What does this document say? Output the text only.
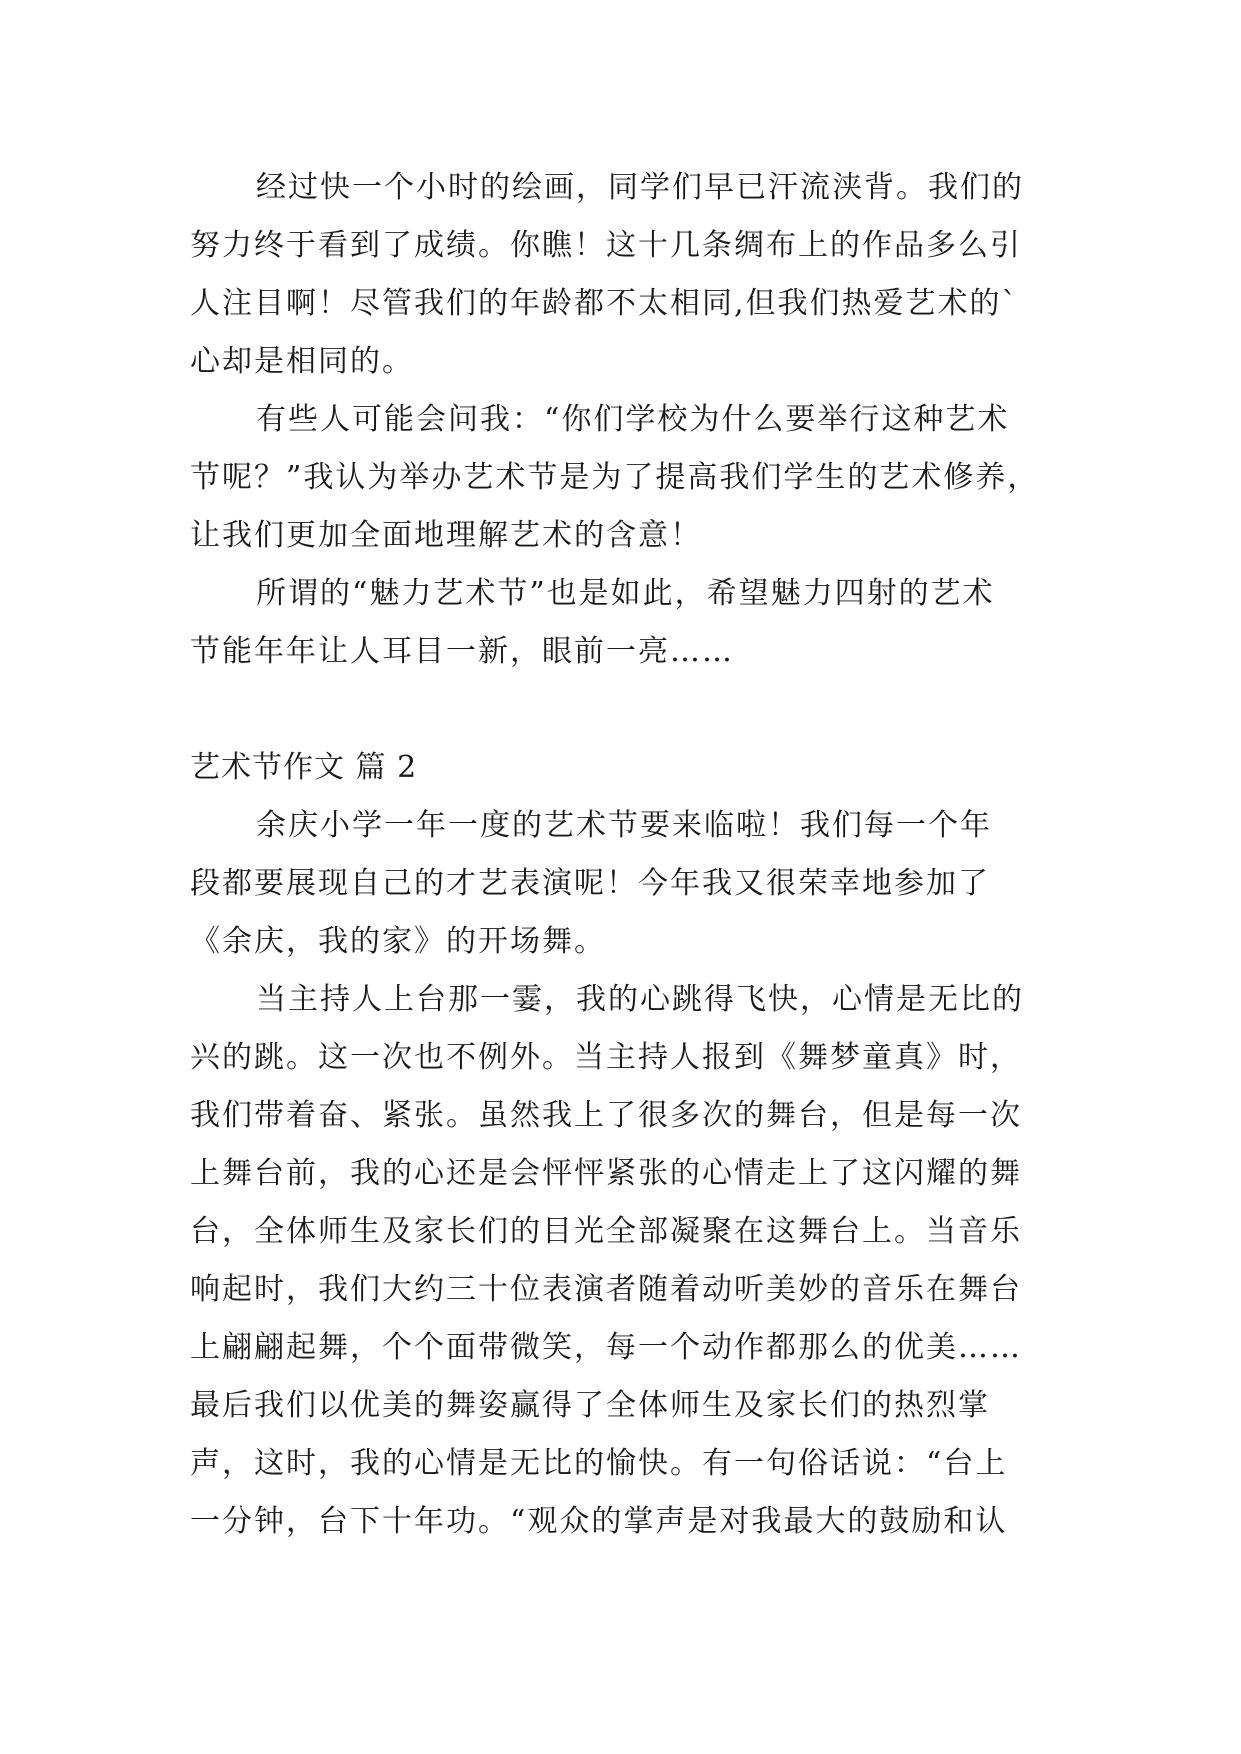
经过快一个小时的绘画，同学们早已汗流浃背。我们的
努力终于看到了成绩。你瞧！这十几条绸布上的作品多么引
人注目啊！尽管我们的年龄都不太相同,但我们热爱艺术的`
心却是相同的。
有些人可能会问我：“你们学校为什么要举行这种艺术
节呢？”我认为举办艺术节是为了提高我们学生的艺术修养，
让我们更加全面地理解艺术的含意！
所谓的“魅力艺术节”也是如此，希望魅力四射的艺术
节能年年让人耳目一新，眼前一亮……
艺术节作文 篇 2
余庆小学一年一度的艺术节要来临啦！我们每一个年
段都要展现自己的才艺表演呢！今年我又很荣幸地参加了
《余庆，我的家》的开场舞。
当主持人上台那一霎，我的心跳得飞快，心情是无比的
兴的跳。这一次也不例外。当主持人报到《舞梦童真》时，
我们带着奋、紧张。虽然我上了很多次的舞台，但是每一次
上舞台前，我的心还是会怦怦紧张的心情走上了这闪耀的舞
台，全体师生及家长们的目光全部凝聚在这舞台上。当音乐
响起时，我们大约三十位表演者随着动听美妙的音乐在舞台
上翩翩起舞，个个面带微笑，每一个动作都那么的优美……
最后我们以优美的舞姿赢得了全体师生及家长们的热烈掌
声，这时，我的心情是无比的愉快。有一句俗话说：“台上
一分钟，台下十年功。“观众的掌声是对我最大的鼓励和认
